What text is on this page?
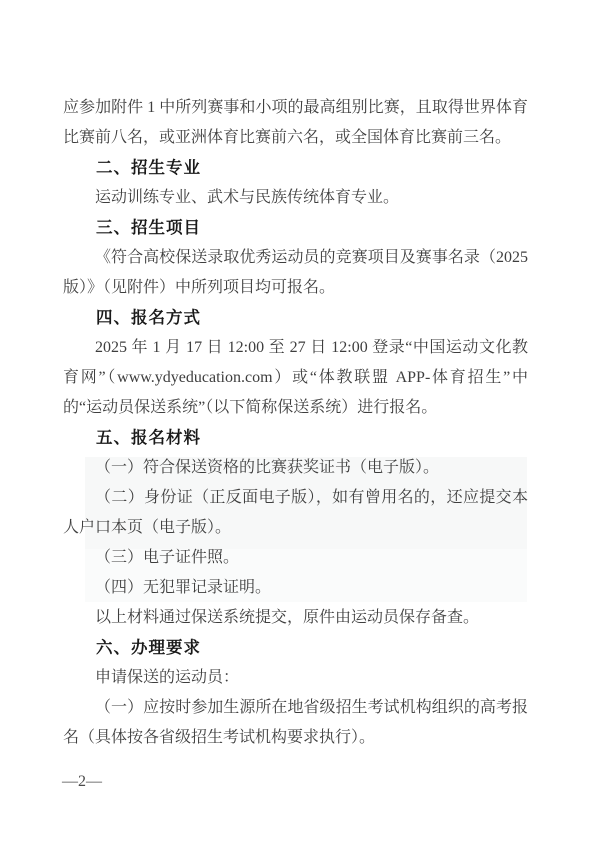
应参加附件 1 中所列赛事和小项的最高组别比赛，且取得世界体育比赛前八名，或亚洲体育比赛前六名，或全国体育比赛前三名。

二、招生专业

运动训练专业、武术与民族传统体育专业。

三、招生项目

《符合高校保送录取优秀运动员的竞赛项目及赛事名录（2025版）》（见附件）中所列项目均可报名。

四、报名方式

2025 年 1 月 17 日 12:00 至 27 日 12:00 登录“中国运动文化教育网”（www.ydyeducation.com）或“体教联盟 APP-体育招生”中的“运动员保送系统”（以下简称保送系统）进行报名。

五、报名材料

（一）符合保送资格的比赛获奖证书（电子版）。

（二）身份证（正反面电子版），如有曾用名的，还应提交本人户口本页（电子版）。

（三）电子证件照。

（四）无犯罪记录证明。

以上材料通过保送系统提交，原件由运动员保存备查。

六、办理要求

申请保送的运动员：

（一）应按时参加生源所在地省级招生考试机构组织的高考报名（具体按各省级招生考试机构要求执行）。

—2—
